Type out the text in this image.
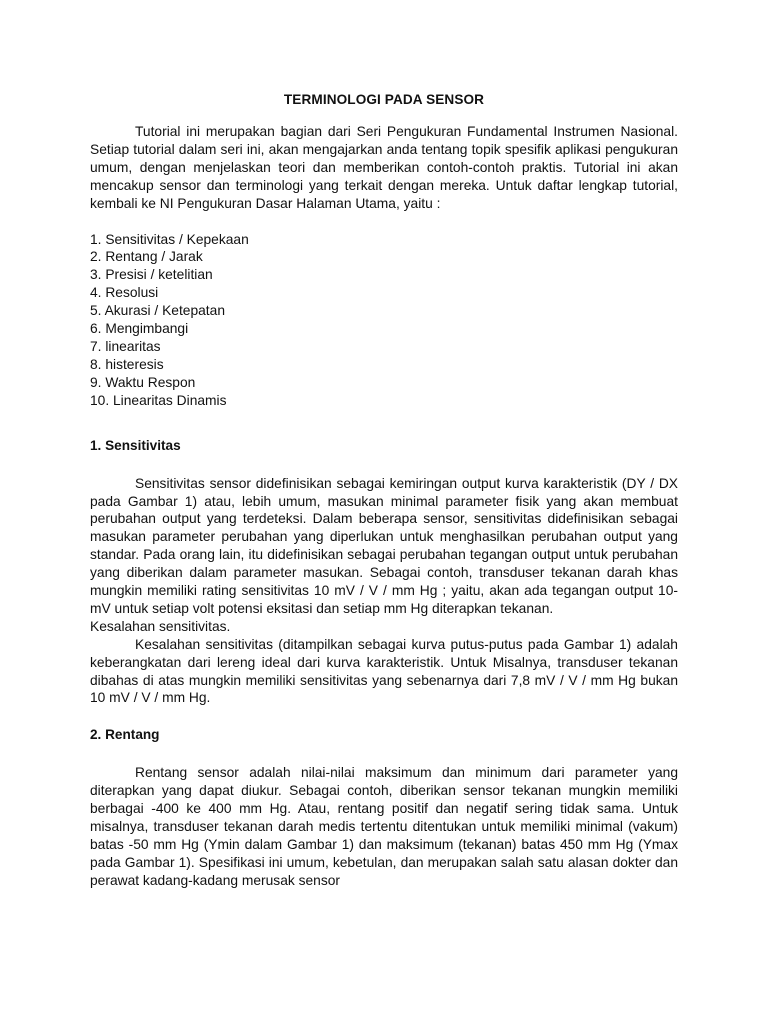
TERMINOLOGI PADA SENSOR

Tutorial ini merupakan bagian dari Seri Pengukuran Fundamental Instrumen Nasional. Setiap tutorial dalam seri ini, akan mengajarkan anda tentang topik spesifik aplikasi pengukuran umum, dengan menjelaskan teori dan memberikan contoh-contoh praktis. Tutorial ini akan mencakup sensor dan terminologi yang terkait dengan mereka. Untuk daftar lengkap tutorial, kembali ke NI Pengukuran Dasar Halaman Utama, yaitu :

1. Sensitivitas / Kepekaan
2. Rentang / Jarak
3. Presisi / ketelitian
4. Resolusi
5. Akurasi / Ketepatan
6. Mengimbangi
7. linearitas
8. histeresis
9. Waktu Respon
10. Linearitas Dinamis
1. Sensitivitas

Sensitivitas sensor didefinisikan sebagai kemiringan output kurva karakteristik (DY / DX pada Gambar 1) atau, lebih umum, masukan minimal parameter fisik yang akan membuat perubahan output yang terdeteksi. Dalam beberapa sensor, sensitivitas didefinisikan sebagai masukan parameter perubahan yang diperlukan untuk menghasilkan perubahan output yang standar. Pada orang lain, itu didefinisikan sebagai perubahan tegangan output untuk perubahan yang diberikan dalam parameter masukan. Sebagai contoh, transduser tekanan darah khas mungkin memiliki rating sensitivitas 10 mV / V / mm Hg ; yaitu, akan ada tegangan output 10-mV untuk setiap volt potensi eksitasi dan setiap mm Hg diterapkan tekanan.

Kesalahan sensitivitas.

Kesalahan sensitivitas (ditampilkan sebagai kurva putus-putus pada Gambar 1) adalah keberangkatan dari lereng ideal dari kurva karakteristik. Untuk Misalnya, transduser tekanan dibahas di atas mungkin memiliki sensitivitas yang sebenarnya dari 7,8 mV / V / mm Hg bukan 10 mV / V / mm Hg.

2. Rentang

Rentang sensor adalah nilai-nilai maksimum dan minimum dari parameter yang diterapkan yang dapat diukur. Sebagai contoh, diberikan sensor tekanan mungkin memiliki berbagai -400 ke 400 mm Hg. Atau, rentang positif dan negatif sering tidak sama. Untuk misalnya, transduser tekanan darah medis tertentu ditentukan untuk memiliki minimal (vakum) batas -50 mm Hg (Ymin dalam Gambar 1) dan maksimum (tekanan) batas 450 mm Hg (Ymax pada Gambar 1). Spesifikasi ini umum, kebetulan, dan merupakan salah satu alasan dokter dan perawat kadang-kadang merusak sensor
